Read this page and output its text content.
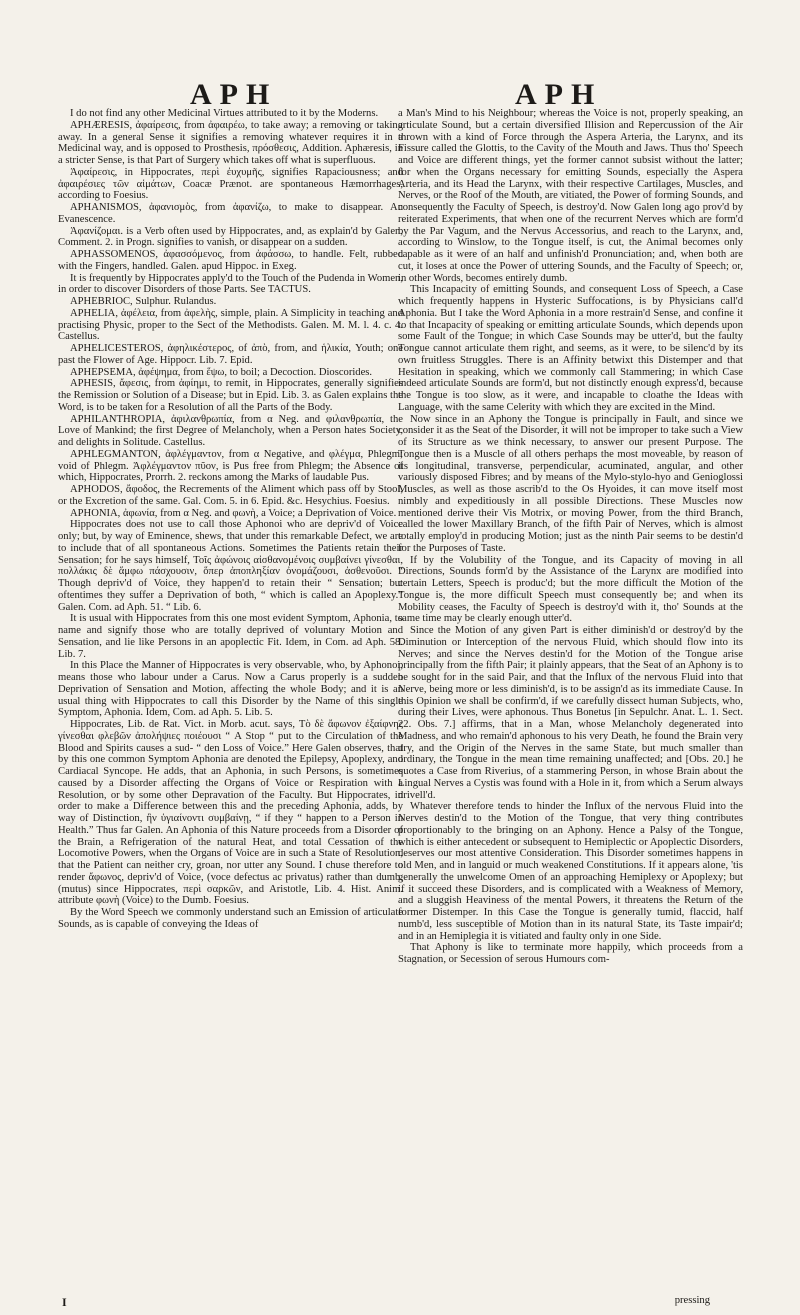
APH	APH

I do not find any other Medicinal Virtues attributed to it by the Moderns.

APHÆRESIS, ἀφαίρεσις, from ἀφαιρέω, to take away; a removing or taking away. In a general Sense it signifies a removing whatever requires it in a Medicinal way, and is opposed to Prosthesis, πρόσθεσις, Addition. Aphæresis, in a stricter Sense, is that Part of Surgery which takes off what is superfluous.

Ἀφαίρεσις, in Hippocrates, περὶ ἐυχυμῆς, signifies Rapaciousness; and ἀφαιρέσιες τῶν αἱμάτων, Coacæ Prænot. are spontaneous Hæmorrhages, according to Foesius.

APHANISMOS, ἀφανισμὸς, from ἀφανίζω, to make to disappear. An Evanescence.

Ἀφανίζομαι. is a Verb often used by Hippocrates, and, as explain'd by Galen, Comment. 2. in Progn. signifies to vanish, or disappear on a sudden.

APHASSOMENOS, ἀφασσόμενος, from ἀφάσσω, to handle. Felt, rubbed with the Fingers, handled. Galen. apud Hippoc. in Exeg.

It is frequently by Hippocrates apply'd to the Touch of the Pudenda in Women, in order to discover Disorders of those Parts. See TACTUS.

APHEBRIOC, Sulphur. Rulandus.

APHELIA, ἀφέλεια, from ἀφελὴς, simple, plain. A Simplicity in teaching and practising Physic, proper to the Sect of the Methodists. Galen. M. M. l. 4. c. 4. Castellus.

APHELICESTEROS, ἀφηλικέστερος, of ἀπὸ, from, and ἡλικία, Youth; one past the Flower of Age. Hippocr. Lib. 7. Epid.

APHEPSEMA, ἀφέψημα, from ἕψω, to boil; a Decoction. Dioscorides.

APHESIS, ἄφεσις, from ἀφίημι, to remit, in Hippocrates, generally signifies the Remission or Solution of a Disease; but in Epid. Lib. 3. as Galen explains the Word, is to be taken for a Resolution of all the Parts of the Body.

APHILANTHROPIA, ἀφιλανθρωπία, from α Neg. and φιλανθρωπία, the Love of Mankind; the first Degree of Melancholy, when a Person hates Society, and delights in Solitude. Castellus.

APHLEGMANTON, ἀφλέγμαντον, from α Negative, and φλέγμα, Phlegm; void of Phlegm. Ἀφλέγμαντον πῦον, is Pus free from Phlegm; the Absence of which, Hippocrates, Prorrh. 2. reckons among the Marks of laudable Pus.

APHODOS, ἄφοδος, the Recrements of the Aliment which pass off by Stool, or the Excretion of the same. Gal. Com. 5. in 6. Epid. &c. Hesychius. Foesius.

APHONIA, ἀφωνία, from α Neg. and φωνὴ, a Voice; a Deprivation of Voice.

Hippocrates does not use to call those Aphonoi who are depriv'd of Voice only; but, by way of Eminence, shews, that under this remarkable Defect, we are to include that of all spontaneous Actions. Sometimes the Patients retain their Sensation; for he says himself, Τοῖς ἀφώνοις αἰσθανομένοις συμβαίνει γίνεσθαι, πολλάκις δὲ ἅμφω πάσχουσιν, ὅπερ ἀποπληξίαν ὀνομάζουσι, ἀσθενοῦσι. “ Though depriv'd of Voice, they happen'd to retain their “ Sensation; but oftentimes they suffer a Deprivation of both, “ which is called an Apoplexy.” Galen. Com. ad Aph. 51. “ Lib. 6.

It is usual with Hippocrates from this one most evident Symptom, Aphonia, to name and signify those who are totally deprived of voluntary Motion and Sensation, and lie like Persons in an apoplectic Fit. Idem, in Com. ad Aph. 58. Lib. 7.

In this Place the Manner of Hippocrates is very observable, who, by Aphonoi, means those who labour under a Carus. Now a Carus properly is a sudden Deprivation of Sensation and Motion, affecting the whole Body; and it is an usual thing with Hippocrates to call this Disorder by the Name of this single Symptom, Aphonia. Idem, Com. ad Aph. 5. Lib. 5.

Hippocrates, Lib. de Rat. Vict. in Morb. acut. says, Τὸ δὲ ἄφωνον ἐξαίφνης γίνεσθαι φλεβῶν ἀπολήψιες ποιέουσι “ A Stop “ put to the Circulation of the Blood and Spirits causes a sud- “ den Loss of Voice.” Here Galen observes, that by this one common Symptom Aphonia are denoted the Epilepsy, Apoplexy, and Cardiacal Syncope. He adds, that an Aphonia, in such Persons, is sometimes caused by a Disorder affecting the Organs of Voice or Respiration with a Resolution, or by some other Depravation of the Faculty. But Hippocrates, in order to make a Difference between this and the preceding Aphonia, adds, by way of Distinction, ἢν ὑγιαίνοντι συμβαίνῃ, “ if they “ happen to a Person in Health.” Thus far Galen. An Aphonia of this Nature proceeds from a Disorder of the Brain, a Refrigeration of the natural Heat, and total Cessation of the Locomotive Powers, when the Organs of Voice are in such a State of Resolution, that the Patient can neither cry, groan, nor utter any Sound. I chuse therefore to render ἄφωνος, depriv'd of Voice, (voce defectus ac privatus) rather than dumb, (mutus) since Hippocrates, περὶ σαρκῶν, and Aristotle, Lib. 4. Hist. Anim. attribute φωνὴ (Voice) to the Dumb. Foesius.

By the Word Speech we commonly understand such an Emission of articulate Sounds, as is capable of conveying the Ideas of

a Man's Mind to his Neighbour; whereas the Voice is not, properly speaking, an articulate Sound, but a certain diversified Illision and Repercussion of the Air thrown with a kind of Force through the Aspera Arteria, the Larynx, and its Fissure called the Glottis, to the Cavity of the Mouth and Jaws. Thus tho' Speech and Voice are different things, yet the former cannot subsist without the latter; for when the Organs necessary for emitting Sounds, especially the Aspera Arteria, and its Head the Larynx, with their respective Cartilages, Muscles, and Nerves, or the Roof of the Mouth, are vitiated, the Power of forming Sounds, and consequently the Faculty of Speech, is destroy'd. Now Galen long ago prov'd by reiterated Experiments, that when one of the recurrent Nerves which are form'd by the Par Vagum, and the Nervus Accessorius, and reach to the Larynx, and, according to Winslow, to the Tongue itself, is cut, the Animal becomes only capable as it were of an half and unfinish'd Pronunciation; and, when both are cut, it loses at once the Power of uttering Sounds, and the Faculty of Speech; or, in other Words, becomes entirely dumb.

This Incapacity of emitting Sounds, and consequent Loss of Speech, a Case which frequently happens in Hysteric Suffocations, is by Physicians call'd Aphonia. But I take the Word Aphonia in a more restrain'd Sense, and confine it to that Incapacity of speaking or emitting articulate Sounds, which depends upon some Fault of the Tongue; in which Case Sounds may be utter'd, but the faulty Tongue cannot articulate them right, and seems, as it were, to be silenc'd by its own fruitless Struggles. There is an Affinity betwixt this Distemper and that Hesitation in speaking, which we commonly call Stammering; in which Case indeed articulate Sounds are form'd, but not distinctly enough express'd, because the Tongue is too slow, as it were, and incapable to cloathe the Ideas with Language, with the same Celerity with which they are excited in the Mind.

Now since in an Aphony the Tongue is principally in Fault, and since we consider it as the Seat of the Disorder, it will not be improper to take such a View of its Structure as we think necessary, to answer our present Purpose. The Tongue then is a Muscle of all others perhaps the most moveable, by reason of its longitudinal, transverse, perpendicular, acuminated, angular, and other variously disposed Fibres; and by means of the Mylo-stylo-hyo and Genioglossi Muscles, as well as those ascrib'd to the Os Hyoides, it can move itself most nimbly and expeditiously in all possible Directions. These Muscles now mentioned derive their Vis Motrix, or moving Power, from the third Branch, called the lower Maxillary Branch, of the fifth Pair of Nerves, which is almost totally employ'd in producing Motion; just as the ninth Pair seems to be destin'd for the Purposes of Taste.

If by the Volubility of the Tongue, and its Capacity of moving in all Directions, Sounds form'd by the Assistance of the Larynx are modified into certain Letters, Speech is produc'd; but the more difficult the Motion of the Tongue is, the more difficult Speech must consequently be; and when its Mobility ceases, the Faculty of Speech is destroy'd with it, tho' Sounds at the same time may be clearly enough utter'd.

Since the Motion of any given Part is either diminish'd or destroy'd by the Diminution or Interception of the nervous Fluid, which should flow into its Nerves; and since the Nerves destin'd for the Motion of the Tongue arise principally from the fifth Pair; it plainly appears, that the Seat of an Aphony is to be sought for in the said Pair, and that the Influx of the nervous Fluid into that Nerve, being more or less diminish'd, is to be assign'd as its immediate Cause. In this Opinion we shall be confirm'd, if we carefully dissect human Subjects, who, during their Lives, were aphonous. Thus Bonetus [in Sepulchr. Anat. L. 1. Sect. 22. Obs. 7.] affirms, that in a Man, whose Melancholy degenerated into Madness, and who remain'd aphonous to his very Death, he found the Brain very dry, and the Origin of the Nerves in the same State, but much smaller than ordinary, the Tongue in the mean time remaining unaffected; and [Obs. 20.] he quotes a Case from Riverius, of a stammering Person, in whose Brain about the Lingual Nerves a Cystis was found with a Hole in it, from which a Serum always drivell'd.

Whatever therefore tends to hinder the Influx of the nervous Fluid into the Nerves destin'd to the Motion of the Tongue, that very thing contributes proportionably to the bringing on an Aphony. Hence a Palsy of the Tongue, which is either antecedent or subsequent to Hemiplectic or Apoplectic Disorders, deserves our most attentive Consideration. This Disorder sometimes happens in old Men, and in languid or much weakened Constitutions. If it appears alone, 'tis generally the unwelcome Omen of an approaching Hemiplexy or Apoplexy; but if it succeed these Disorders, and is complicated with a Weakness of Memory, and a sluggish Heaviness of the mental Powers, it threatens the Return of the former Distemper. In this Case the Tongue is generally tumid, flaccid, half numb'd, less susceptible of Motion than in its natural State, its Taste impair'd; and in an Hemiplegia it is vitiated and faulty only in one Side.

That Aphony is like to terminate more happily, which proceeds from a Stagnation, or Secession of serous Humours com-

I	pressing
